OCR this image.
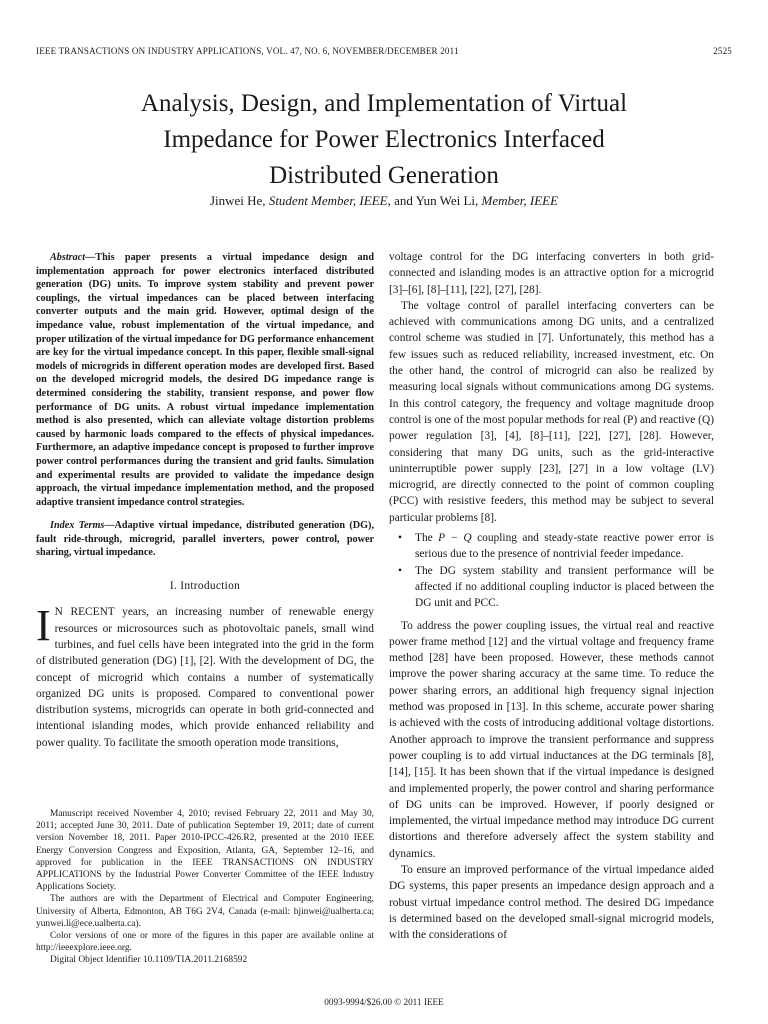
IEEE TRANSACTIONS ON INDUSTRY APPLICATIONS, VOL. 47, NO. 6, NOVEMBER/DECEMBER 2011	2525
Analysis, Design, and Implementation of Virtual
Impedance for Power Electronics Interfaced
Distributed Generation
Jinwei He, Student Member, IEEE, and Yun Wei Li, Member, IEEE

Abstract—This paper presents a virtual impedance design and implementation approach for power electronics interfaced distributed generation (DG) units. To improve system stability and prevent power couplings, the virtual impedances can be placed between interfacing converter outputs and the main grid. However, optimal design of the impedance value, robust implementation of the virtual impedance, and proper utilization of the virtual impedance for DG performance enhancement are key for the virtual impedance concept. In this paper, flexible small-signal models of microgrids in different operation modes are developed first. Based on the developed microgrid models, the desired DG impedance range is determined considering the stability, transient response, and power flow performance of DG units. A robust virtual impedance implementation method is also presented, which can alleviate voltage distortion problems caused by harmonic loads compared to the effects of physical impedances. Furthermore, an adaptive impedance concept is proposed to further improve power control performances during the transient and grid faults. Simulation and experimental results are provided to validate the impedance design approach, the virtual impedance implementation method, and the proposed adaptive transient impedance control strategies.

Index Terms—Adaptive virtual impedance, distributed generation (DG), fault ride-through, microgrid, parallel inverters, power control, power sharing, virtual impedance.

I. Introduction

I N RECENT years, an increasing number of renewable energy resources or microsources such as photovoltaic panels, small wind turbines, and fuel cells have been integrated into the grid in the form of distributed generation (DG) [1], [2]. With the development of DG, the concept of microgrid which contains a number of systematically organized DG units is proposed. Compared to conventional power distribution systems, microgrids can operate in both grid-connected and intentional islanding modes, which provide enhanced reliability and power quality. To facilitate the smooth operation mode transitions,

Manuscript received November 4, 2010; revised February 22, 2011 and May 30, 2011; accepted June 30, 2011. Date of publication September 19, 2011; date of current version November 18, 2011. Paper 2010-IPCC-426.R2, presented at the 2010 IEEE Energy Conversion Congress and Exposition, Atlanta, GA, September 12–16, and approved for publication in the IEEE TRANSACTIONS ON INDUSTRY APPLICATIONS by the Industrial Power Converter Committee of the IEEE Industry Applications Society.

The authors are with the Department of Electrical and Computer Engineering, University of Alberta, Edmonton, AB T6G 2V4, Canada (e-mail: hjinwei@ualberta.ca; yunwei.li@ece.ualberta.ca).

Color versions of one or more of the figures in this paper are available online at http://ieeexplore.ieee.org.

Digital Object Identifier 10.1109/TIA.2011.2168592

voltage control for the DG interfacing converters in both grid-connected and islanding modes is an attractive option for a microgrid [3]–[6], [8]–[11], [22], [27], [28].

The voltage control of parallel interfacing converters can be achieved with communications among DG units, and a centralized control scheme was studied in [7]. Unfortunately, this method has a few issues such as reduced reliability, increased investment, etc. On the other hand, the control of microgrid can also be realized by measuring local signals without communications among DG systems. In this control category, the frequency and voltage magnitude droop control is one of the most popular methods for real (P) and reactive (Q) power regulation [3], [4], [8]–[11], [22], [27], [28]. However, considering that many DG units, such as the grid-interactive uninterruptible power supply [23], [27] in a low voltage (LV) microgrid, are directly connected to the point of common coupling (PCC) with resistive feeders, this method may be subject to several particular problems [8].

• The P − Q coupling and steady-state reactive power error is serious due to the presence of nontrivial feeder impedance.
• The DG system stability and transient performance will be affected if no additional coupling inductor is placed between the DG unit and PCC.

To address the power coupling issues, the virtual real and reactive power frame method [12] and the virtual voltage and frequency frame method [28] have been proposed. However, these methods cannot improve the power sharing accuracy at the same time. To reduce the power sharing errors, an additional high frequency signal injection method was proposed in [13]. In this scheme, accurate power sharing is achieved with the costs of introducing additional voltage distortions. Another approach to improve the transient performance and suppress power coupling is to add virtual inductances at the DG terminals [8], [14], [15]. It has been shown that if the virtual impedance is designed and implemented properly, the power control and sharing performance of DG units can be improved. However, if poorly designed or implemented, the virtual impedance method may introduce DG current distortions and therefore adversely affect the system stability and dynamics.

To ensure an improved performance of the virtual impedance aided DG systems, this paper presents an impedance design approach and a robust virtual impedance control method. The desired DG impedance is determined based on the developed small-signal microgrid models, with the considerations of

0093-9994/$26.00 © 2011 IEEE
